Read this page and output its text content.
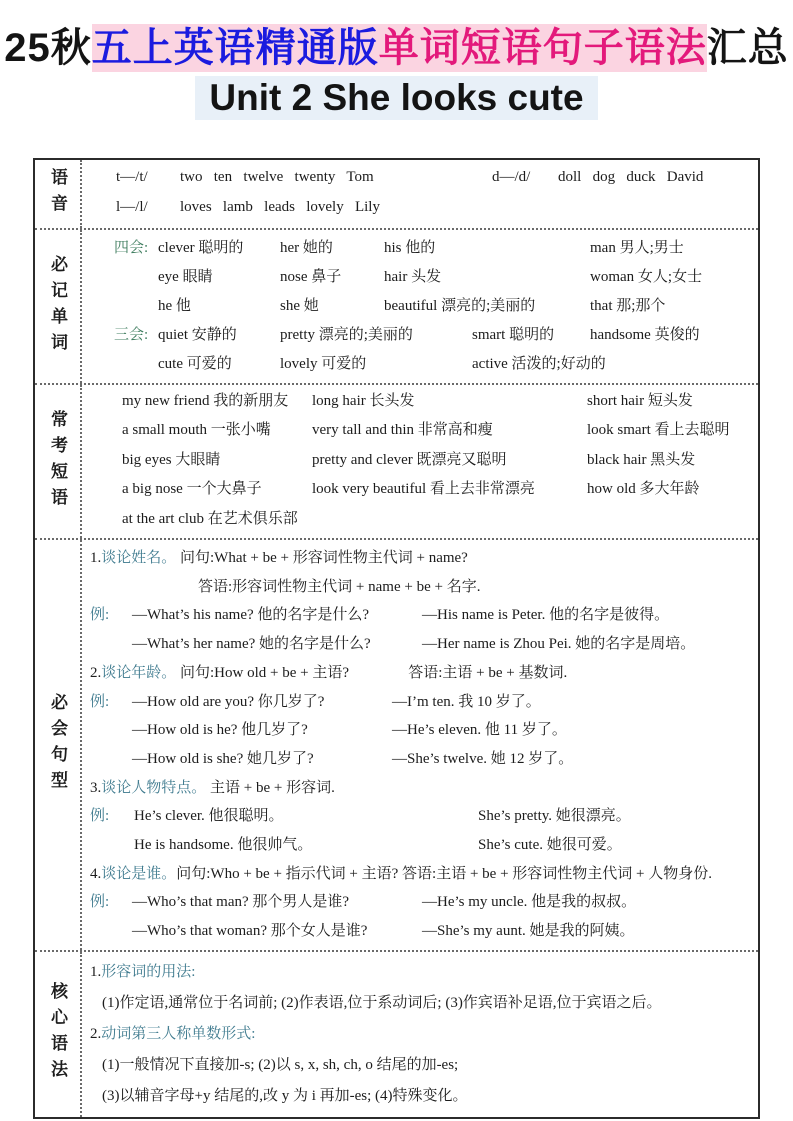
25秋五上英语精通版单词短语句子语法汇总
Unit 2 She looks cute
语音	t—/t/ two   ten   twelve   twenty   Tom	d—/d/ doll   dog   duck   David
l—/l/ loves   lamb   leads   lovely   Lily
必记单词
四会: clever 聪明的 her 她的	his 他的	man 男人;男士
eye 眼睛	nose 鼻子	hair 头发	woman 女人;女士
he 他	she 她	beautiful 漂亮的;美丽的	that 那;那个
三会: quiet 安静的	pretty 漂亮的;美丽的	smart 聪明的 handsome 英俊的
cute 可爱的	lovely 可爱的	active 活泼的;好动的
常考短语
my new friend 我的新朋友 long hair 长头发	short hair 短头发
a small mouth 一张小嘴	very tall and thin 非常高和瘦	look smart 看上去聪明
big eyes 大眼睛	pretty and clever 既漂亮又聪明	black hair 黑头发
a big nose 一个大鼻子	look very beautiful 看上去非常漂亮	how old 多大年龄
at the art club 在艺术俱乐部
必会句型
1.谈论姓名。 问句:What + be + 形容词性物主代词 + name?
答语:形容词性物主代词 + name + be + 名字.
例: —What’s his name? 他的名字是什么?	—His name is Peter. 他的名字是彼得。
—What’s her name? 她的名字是什么?	—Her name is Zhou Pei. 她的名字是周培。
2.谈论年龄。 问句:How old + be + 主语?	答语:主语 + be + 基数词.
例: —How old are you? 你几岁了?	—I’m ten. 我 10 岁了。
—How old is he? 他几岁了?	—He’s eleven. 他 11 岁了。
—How old is she? 她几岁了?	—She’s twelve. 她 12 岁了。
3.谈论人物特点。 主语 + be + 形容词.
例: He’s clever. 他很聪明。	She’s pretty. 她很漂亮。
He is handsome. 他很帅气。	She’s cute. 她很可爱。
4.谈论是谁。问句:Who + be + 指示代词 + 主语? 答语:主语 + be + 形容词性物主代词 + 人物身份.
例: —Who’s that man? 那个男人是谁?	—He’s my uncle. 他是我的叔叔。
—Who’s that woman? 那个女人是谁?	—She’s my aunt. 她是我的阿姨。
核心语法
1.形容词的用法:
(1)作定语,通常位于名词前; (2)作表语,位于系动词后; (3)作宾语补足语,位于宾语之后。
2.动词第三人称单数形式:
(1)一般情况下直接加-s; (2)以 s, x, sh, ch, o 结尾的加-es;
(3)以辅音字母+y 结尾的,改 y 为 i 再加-es; (4)特殊变化。
